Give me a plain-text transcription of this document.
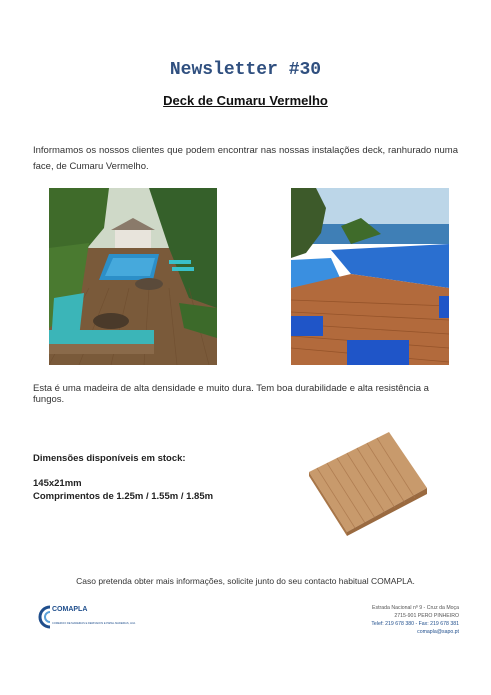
Newsletter #30
Deck de Cumaru Vermelho

Informamos os nossos clientes que podem encontrar nas nossas instalações deck, ranhurado numa face, de Cumaru Vermelho.

Esta é uma madeira de alta densidade e muito dura. Tem boa durabilidade e alta resistência a fungos.

Dimensões disponíveis em stock:
145x21mm
Comprimentos de 1.25m / 1.55m / 1.85m

Caso pretenda obter mais informações, solicite junto do seu contacto habitual COMAPLA.

COMAPLA
COMERCIO DE MADEIRAS E DERIVADOS E PAPEL MADEIRAS, LDA.
Estrada Nacional nº 9 - Cruz da Moça
2715-901 PERO PINHEIRO
Telef: 219 678 380 - Fax: 219 678 381
comapla@sapo.pt
